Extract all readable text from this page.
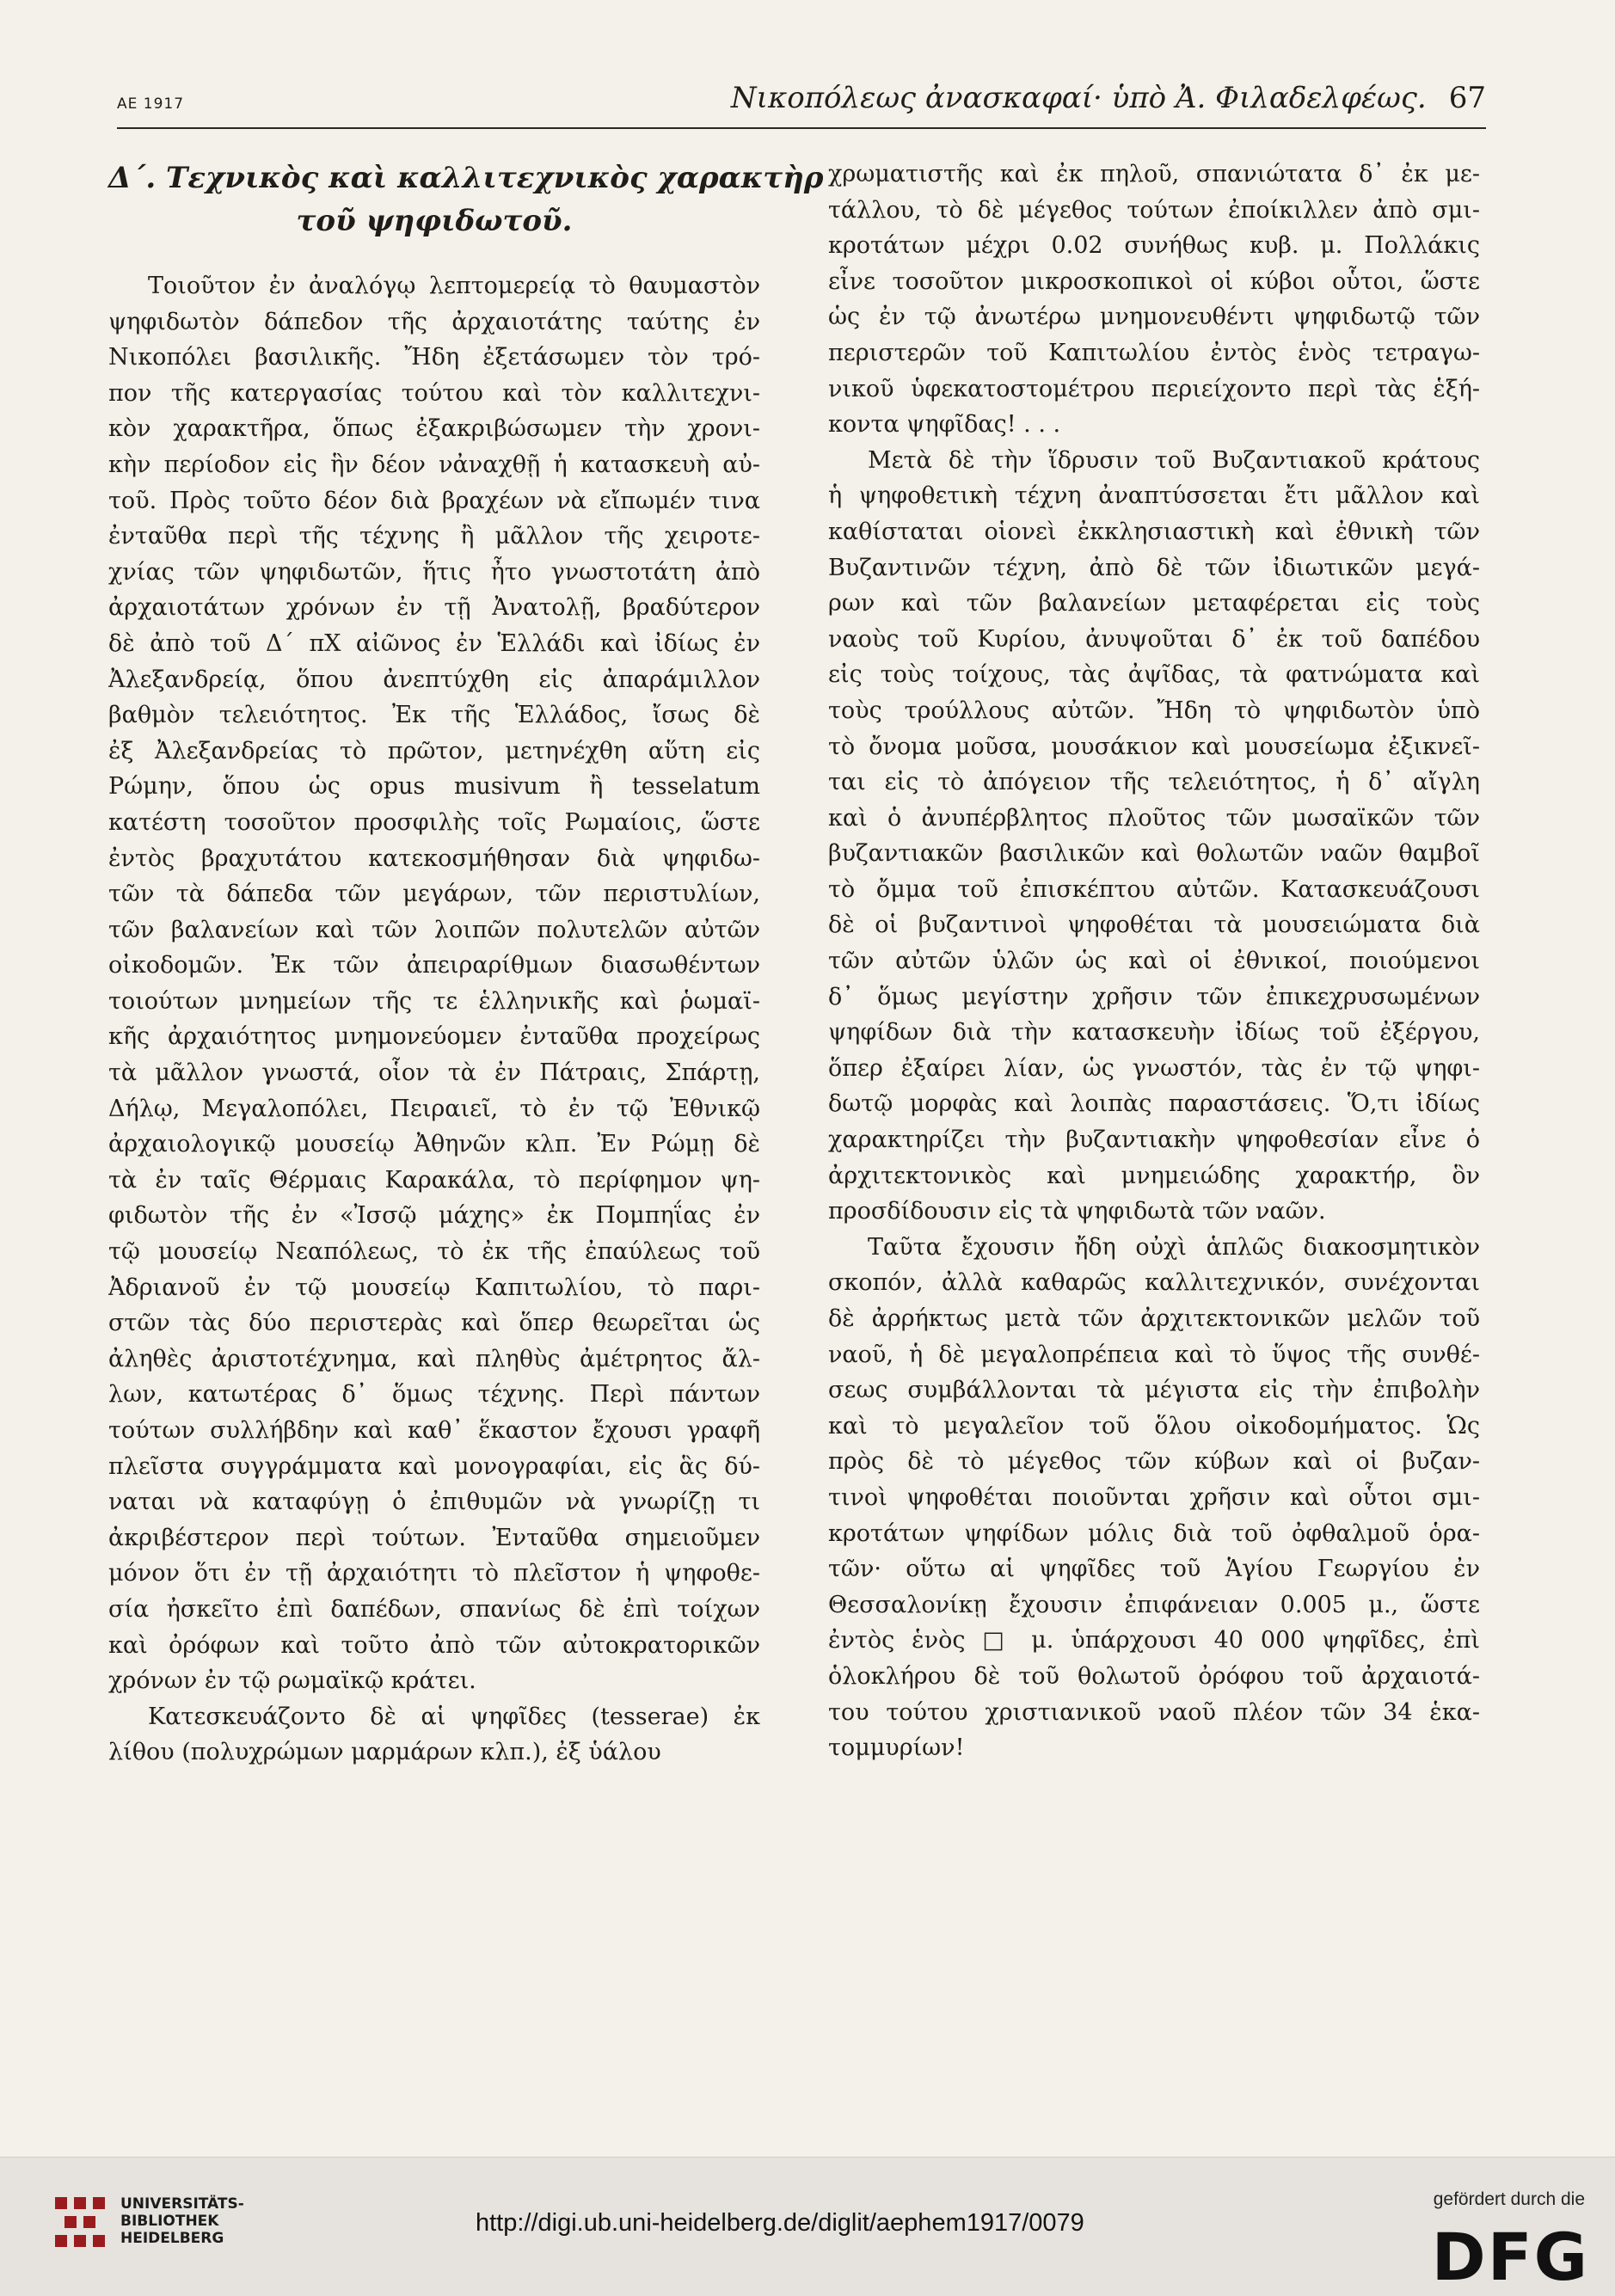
ΑΕ 1917	Νικοπόλεως ἀνασκαφαί· ὑπὸ Ἀ. Φιλαδελφέως. 67
Δ΄. Τεχνικὸς καὶ καλλιτεχνικὸς χαρακτὴρ
τοῦ ψηφιδωτοῦ.
Τοιοῦτον ἐν ἀναλόγῳ λεπτομερείᾳ τὸ θαυμαστὸν
ψηφιδωτὸν δάπεδον τῆς ἀρχαιοτάτης ταύτης ἐν
Νικοπόλει βασιλικῆς. Ἤδη ἐξετάσωμεν τὸν τρό-
πον τῆς κατεργασίας τούτου καὶ τὸν καλλιτεχνι-
κὸν χαρακτῆρα, ὅπως ἐξακριβώσωμεν τὴν χρονι-
κὴν περίοδον εἰς ἣν δέον νἀναχθῇ ἡ κατασκευὴ αὐ-
τοῦ. Πρὸς τοῦτο δέον διὰ βραχέων νὰ εἴπωμέν τινα
ἐνταῦθα περὶ τῆς τέχνης ἢ μᾶλλον τῆς χειροτε-
χνίας τῶν ψηφιδωτῶν, ἥτις ἦτο γνωστοτάτη ἀπὸ
ἀρχαιοτάτων χρόνων ἐν τῇ Ἀνατολῇ, βραδύτερον
δὲ ἀπὸ τοῦ Δ΄ πΧ αἰῶνος ἐν Ἑλλάδι καὶ ἰδίως ἐν
Ἀλεξανδρείᾳ, ὅπου ἀνεπτύχθη εἰς ἀπαράμιλλον
βαθμὸν τελειότητος. Ἐκ τῆς Ἑλλάδος, ἴσως δὲ
ἐξ Ἀλεξανδρείας τὸ πρῶτον, μετηνέχθη αὕτη εἰς
Ρώμην, ὅπου ὡς opus musivum ἢ tesselatum
κατέστη τοσοῦτον προσφιλὴς τοῖς Ρωμαίοις, ὥστε
ἐντὸς βραχυτάτου κατεκοσμήθησαν διὰ ψηφιδω-
τῶν τὰ δάπεδα τῶν μεγάρων, τῶν περιστυλίων,
τῶν βαλανείων καὶ τῶν λοιπῶν πολυτελῶν αὐτῶν
οἰκοδομῶν. Ἐκ τῶν ἀπειραρίθμων διασωθέντων
τοιούτων μνημείων τῆς τε ἑλληνικῆς καὶ ῥωμαϊ-
κῆς ἀρχαιότητος μνημονεύομεν ἐνταῦθα προχείρως
τὰ μᾶλλον γνωστά, οἷον τὰ ἐν Πάτραις, Σπάρτῃ,
Δήλῳ, Μεγαλοπόλει, Πειραιεῖ, τὸ ἐν τῷ Ἐθνικῷ
ἀρχαιολογικῷ μουσείῳ Ἀθηνῶν κλπ. Ἐν Ρώμῃ δὲ
τὰ ἐν ταῖς Θέρμαις Καρακάλα, τὸ περίφημον ψη-
φιδωτὸν τῆς ἐν «Ἰσσῷ μάχης» ἐκ Πομπηΐας ἐν
τῷ μουσείῳ Νεαπόλεως, τὸ ἐκ τῆς ἐπαύλεως τοῦ
Ἀδριανοῦ ἐν τῷ μουσείῳ Καπιτωλίου, τὸ παρι-
στῶν τὰς δύο περιστερὰς καὶ ὅπερ θεωρεῖται ὡς
ἀληθὲς ἀριστοτέχνημα, καὶ πληθὺς ἀμέτρητος ἄλ-
λων, κατωτέρας δ᾽ ὅμως τέχνης. Περὶ πάντων
τούτων συλλήβδην καὶ καθ᾽ ἕκαστον ἔχουσι γραφῆ
πλεῖστα συγγράμματα καὶ μονογραφίαι, εἰς ἃς δύ-
ναται νὰ καταφύγῃ ὁ ἐπιθυμῶν νὰ γνωρίζῃ τι
ἀκριβέστερον περὶ τούτων. Ἐνταῦθα σημειοῦμεν
μόνον ὅτι ἐν τῇ ἀρχαιότητι τὸ πλεῖστον ἡ ψηφοθε-
σία ἠσκεῖτο ἐπὶ δαπέδων, σπανίως δὲ ἐπὶ τοίχων
καὶ ὀρόφων καὶ τοῦτο ἀπὸ τῶν αὐτοκρατορικῶν
χρόνων ἐν τῷ ρωμαϊκῷ κράτει.
Κατεσκευάζοντο δὲ αἱ ψηφῖδες (tesserae) ἐκ
λίθου (πολυχρώμων μαρμάρων κλπ.), ἐξ ὑάλου
χρωματιστῆς καὶ ἐκ πηλοῦ, σπανιώτατα δ᾽ ἐκ με-
τάλλου, τὸ δὲ μέγεθος τούτων ἐποίκιλλεν ἀπὸ σμι-
κροτάτων μέχρι 0.02 συνήθως κυβ. μ. Πολλάκις
εἶνε τοσοῦτον μικροσκοπικοὶ οἱ κύβοι οὗτοι, ὥστε
ὡς ἐν τῷ ἀνωτέρω μνημονευθέντι ψηφιδωτῷ τῶν
περιστερῶν τοῦ Καπιτωλίου ἐντὸς ἑνὸς τετραγω-
νικοῦ ὑφεκατοστομέτρου περιείχοντο περὶ τὰς ἑξή-
κοντα ψηφῖδας! . . .
Μετὰ δὲ τὴν ἵδρυσιν τοῦ Βυζαντιακοῦ κράτους
ἡ ψηφοθετικὴ τέχνη ἀναπτύσσεται ἔτι μᾶλλον καὶ
καθίσταται οἱονεὶ ἐκκλησιαστικὴ καὶ ἐθνικὴ τῶν
Βυζαντινῶν τέχνη, ἀπὸ δὲ τῶν ἰδιωτικῶν μεγά-
ρων καὶ τῶν βαλανείων μεταφέρεται εἰς τοὺς
ναοὺς τοῦ Κυρίου, ἀνυψοῦται δ᾽ ἐκ τοῦ δαπέδου
εἰς τοὺς τοίχους, τὰς ἀψῖδας, τὰ φατνώματα καὶ
τοὺς τρούλλους αὐτῶν. Ἤδη τὸ ψηφιδωτὸν ὑπὸ
τὸ ὄνομα μοῦσα, μουσάκιον καὶ μουσείωμα ἐξικνεῖ-
ται εἰς τὸ ἀπόγειον τῆς τελειότητος, ἡ δ᾽ αἴγλη
καὶ ὁ ἀνυπέρβλητος πλοῦτος τῶν μωσαϊκῶν τῶν
βυζαντιακῶν βασιλικῶν καὶ θολωτῶν ναῶν θαμβοῖ
τὸ ὄμμα τοῦ ἐπισκέπτου αὐτῶν. Κατασκευάζουσι
δὲ οἱ βυζαντινοὶ ψηφοθέται τὰ μουσειώματα διὰ
τῶν αὐτῶν ὑλῶν ὡς καὶ οἱ ἐθνικοί, ποιούμενοι
δ᾽ ὅμως μεγίστην χρῆσιν τῶν ἐπικεχρυσωμένων
ψηφίδων διὰ τὴν κατασκευὴν ἰδίως τοῦ ἐξέργου,
ὅπερ ἐξαίρει λίαν, ὡς γνωστόν, τὰς ἐν τῷ ψηφι-
δωτῷ μορφὰς καὶ λοιπὰς παραστάσεις. Ὅ,τι ἰδίως
χαρακτηρίζει τὴν βυζαντιακὴν ψηφοθεσίαν εἶνε ὁ
ἀρχιτεκτονικὸς καὶ μνημειώδης χαρακτήρ, ὃν
προσδίδουσιν εἰς τὰ ψηφιδωτὰ τῶν ναῶν.
Ταῦτα ἔχουσιν ἤδη οὐχὶ ἁπλῶς διακοσμητικὸν
σκοπόν, ἀλλὰ καθαρῶς καλλιτεχνικόν, συνέχονται
δὲ ἀρρήκτως μετὰ τῶν ἀρχιτεκτονικῶν μελῶν τοῦ
ναοῦ, ἡ δὲ μεγαλοπρέπεια καὶ τὸ ὕψος τῆς συνθέ-
σεως συμβάλλονται τὰ μέγιστα εἰς τὴν ἐπιβολὴν
καὶ τὸ μεγαλεῖον τοῦ ὅλου οἰκοδομήματος. Ὡς
πρὸς δὲ τὸ μέγεθος τῶν κύβων καὶ οἱ βυζαν-
τινοὶ ψηφοθέται ποιοῦνται χρῆσιν καὶ οὗτοι σμι-
κροτάτων ψηφίδων μόλις διὰ τοῦ ὀφθαλμοῦ ὁρα-
τῶν· οὕτω αἱ ψηφῖδες τοῦ Ἁγίου Γεωργίου ἐν
Θεσσαλονίκῃ ἔχουσιν ἐπιφάνειαν 0.005 μ., ὥστε
ἐντὸς ἑνὸς □ μ. ὑπάρχουσι 40 000 ψηφῖδες, ἐπὶ
ὁλοκλήρου δὲ τοῦ θολωτοῦ ὀρόφου τοῦ ἀρχαιοτά-
του τούτου χριστιανικοῦ ναοῦ πλέον τῶν 34 ἑκα-
τομμυρίων!
UNIVERSITÄTS-
BIBLIOTHEK
HEIDELBERG
http://digi.ub.uni-heidelberg.de/diglit/aephem1917/0079
gefördert durch die
DFG
